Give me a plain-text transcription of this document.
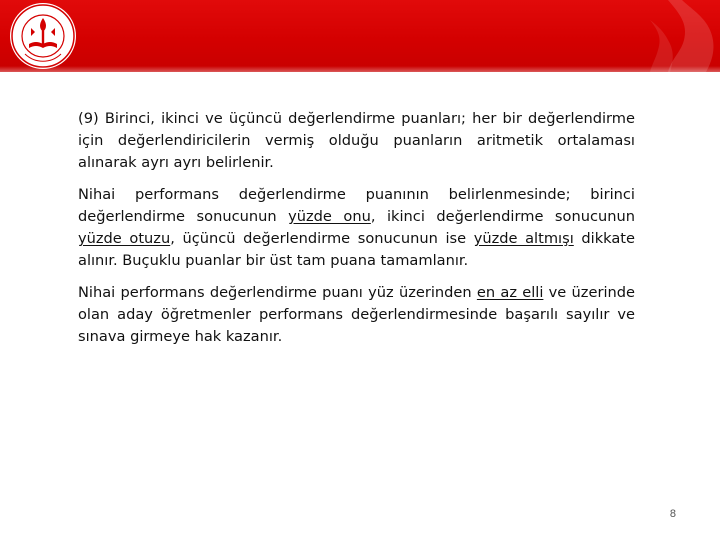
(9) Birinci, ikinci ve üçüncü değerlendirme puanları; her bir değerlendirme için değerlendiricilerin vermiş olduğu puanların aritmetik ortalaması alınarak ayrı ayrı belirlenir.

Nihai performans değerlendirme puanının belirlenmesinde; birinci değerlendirme sonucunun yüzde onu, ikinci değerlendirme sonucunun yüzde otuzu, üçüncü değerlendirme sonucunun ise yüzde altmışı dikkate alınır. Buçuklu puanlar bir üst tam puana tamamlanır.

Nihai performans değerlendirme puanı yüz üzerinden en az elli ve üzerinde olan aday öğretmenler performans değerlendirmesinde başarılı sayılır ve sınava girmeye hak kazanır.

8
